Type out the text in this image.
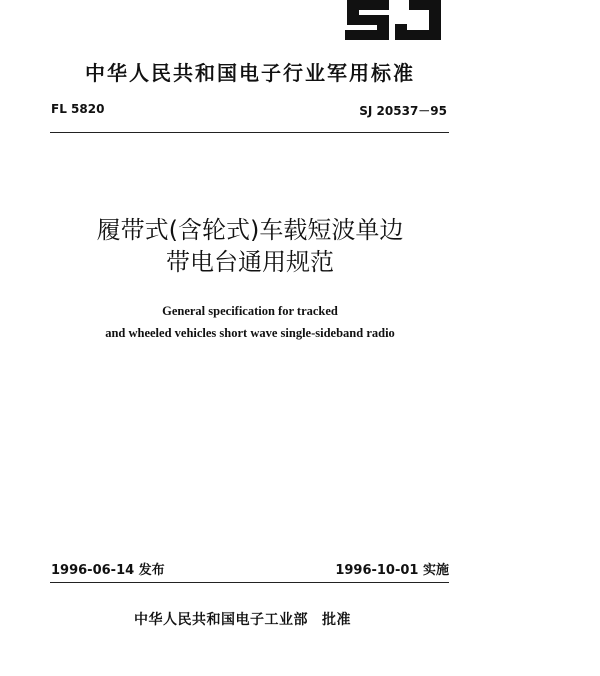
中华人民共和国电子行业军用标准
FL 5820	SJ 20537－95
履带式(含轮式)车载短波单边
带电台通用规范
General specification for tracked
and wheeled vehicles short wave single-sideband radio
1996-06-14 发布	1996-10-01 实施
中华人民共和国电子工业部 批准
